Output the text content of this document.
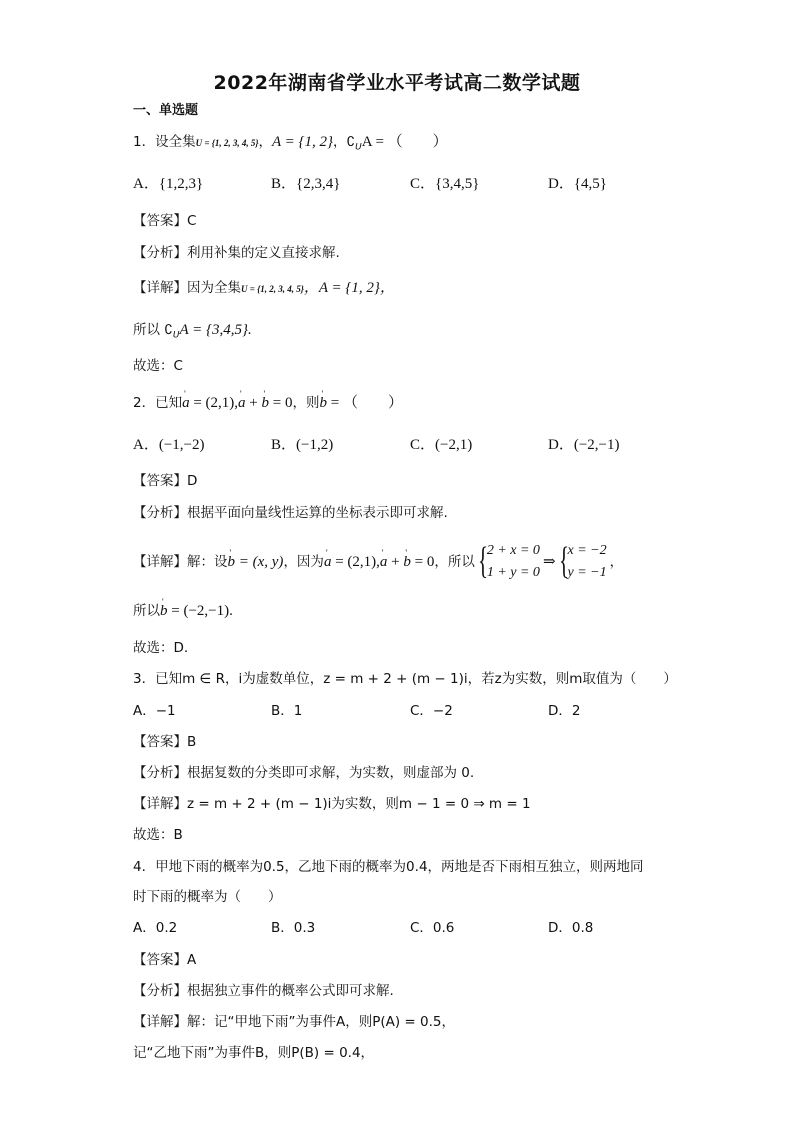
2022年湖南省学业水平考试高二数学试题
一、单选题
1．设全集U = {1, 2, 3, 4, 5}，A = {1, 2}，$∁_UA$ = （　　）
A．{1,2,3}	B．{2,3,4}	C．{3,4,5}	D．{4,5}
【答案】C
【分析】利用补集的定义直接求解.
【详解】因为全集U = {1, 2, 3, 4, 5}，A = {1, 2}，
所以 $∁_UA = \{3,4,5\}$.
故选：C
2．已知' a = (2,1),' a + ' b = 0，则' b = （　　）
A．(−1,−2)	B．(−1,2)	C．(−2,1)	D．(−2,−1)
【答案】D
【分析】根据平面向量线性运算的坐标表示即可求解.
【详解】解：设' b = (x, y)，因为' a = (2,1),' a + ' b = 0，所以 {
2 + x = 0
1 + y = 0
⇒ {
x = −2
y = −1
，
所以' b = (−2,−1).
故选：D.
3．已知m ∈ R，i为虚数单位，z = m + 2 + (m − 1)i，若z为实数，则m取值为（　　）
A．−1	B．1	C．−2	D．2
【答案】B
【分析】根据复数的分类即可求解，为实数，则虚部为 0.
【详解】z = m + 2 + (m − 1)i为实数，则m − 1 = 0 ⇒ m = 1
故选：B
4．甲地下雨的概率为0.5，乙地下雨的概率为0.4，两地是否下雨相互独立，则两地同
时下雨的概率为（　　）
A．0.2	B．0.3	C．0.6	D．0.8
【答案】A
【分析】根据独立事件的概率公式即可求解.
【详解】解：记“甲地下雨”为事件A，则P(A) = 0.5，
记“乙地下雨”为事件B，则P(B) = 0.4，
